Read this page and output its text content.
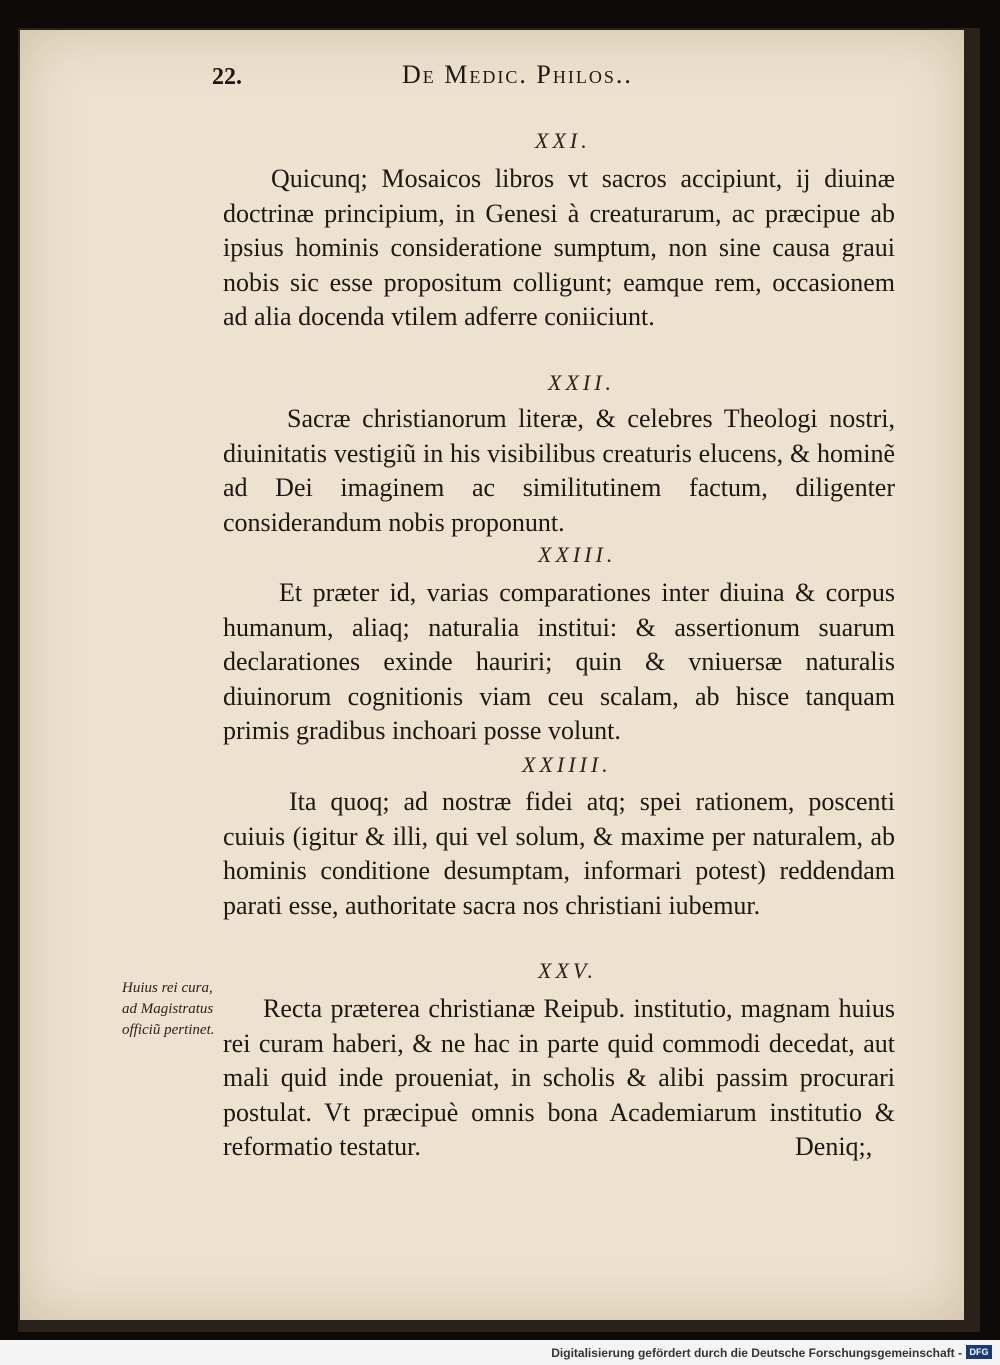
22.	De Medic. Philos..
XXI.
Quicunq; Mosaicos libros vt sacros accipiunt, ij diuinæ doctrinæ principium, in Genesi à creaturarum, ac præcipue ab ipsius hominis consideratione sumptum, non sine causa graui nobis sic esse propositum colligunt; eamque rem, occasionem ad alia docenda vtilem adferre coniiciunt.
XXII.
Sacræ christianorum literæ, & celebres Theologi nostri, diuinitatis vestigiũ in his visibilibus creaturis elucens, & hominẽ ad Dei imaginem ac similitutinem factum, diligenter considerandum nobis proponunt.
XXIII.
Et præter id, varias comparationes inter diuina & corpus humanum, aliaq; naturalia institui: & assertionum suarum declarationes exinde hauriri; quin & vniuersæ naturalis diuinorum cognitionis viam ceu scalam, ab hisce tanquam primis gradibus inchoari posse volunt.
XXIIII.
Ita quoq; ad nostræ fidei atq; spei rationem, poscenti cuiuis (igitur & illi, qui vel solum, & maxime per naturalem, ab hominis conditione desumptam, informari potest) reddendam parati esse, authoritate sacra nos christiani iubemur.
XXV.
Recta præterea christianæ Reipub. institutio, magnam huius rei curam haberi, & ne hac in parte quid commodi decedat, aut mali quid inde proueniat, in scholis & alibi passim procurari postulat. Vt præcipuè omnis bona Academiarum institutio & reformatio testatur.
Huius rei cura, ad Magistratus officiũ pertinet.
Deniq;,
Digitalisierung gefördert durch die Deutsche Forschungsgemeinschaft - DFG
